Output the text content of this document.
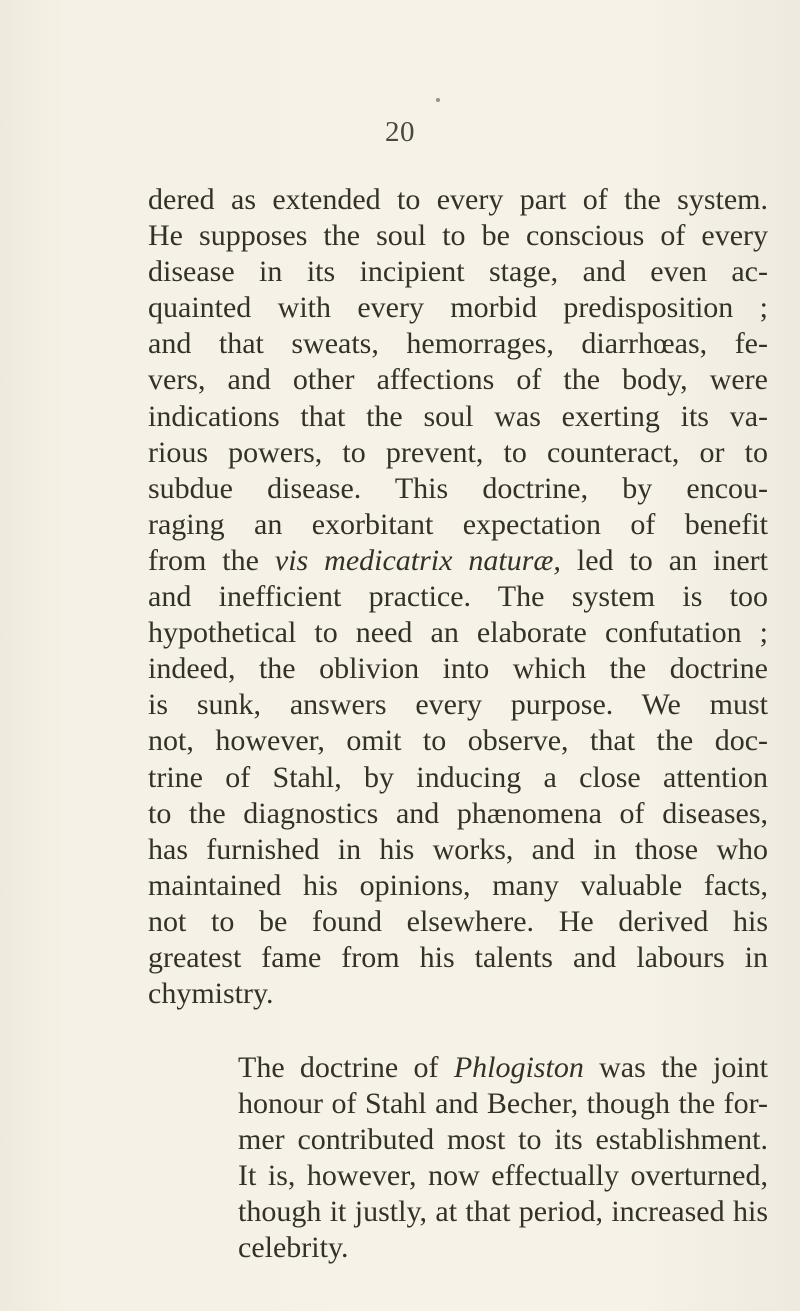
20
dered as extended to every part of the system.
He supposes the soul to be conscious of every
disease in its incipient stage, and even ac-
quainted with every morbid predisposition ;
and that sweats, hemorrages, diarrhœas, fe-
vers, and other affections of the body, were
indications that the soul was exerting its va-
rious powers, to prevent, to counteract, or to
subdue disease. This doctrine, by encou-
raging an exorbitant expectation of benefit
from the vis medicatrix naturæ, led to an inert
and inefficient practice. The system is too
hypothetical to need an elaborate confutation ;
indeed, the oblivion into which the doctrine
is sunk, answers every purpose. We must
not, however, omit to observe, that the doc-
trine of Stahl, by inducing a close attention
to the diagnostics and phænomena of diseases,
has furnished in his works, and in those who
maintained his opinions, many valuable facts,
not to be found elsewhere. He derived his
greatest fame from his talents and labours in
chymistry.
The doctrine of Phlogiston was the joint
honour of Stahl and Becher, though the for-
mer contributed most to its establishment.
It is, however, now effectually overturned,
though it justly, at that period, increased his
celebrity.
